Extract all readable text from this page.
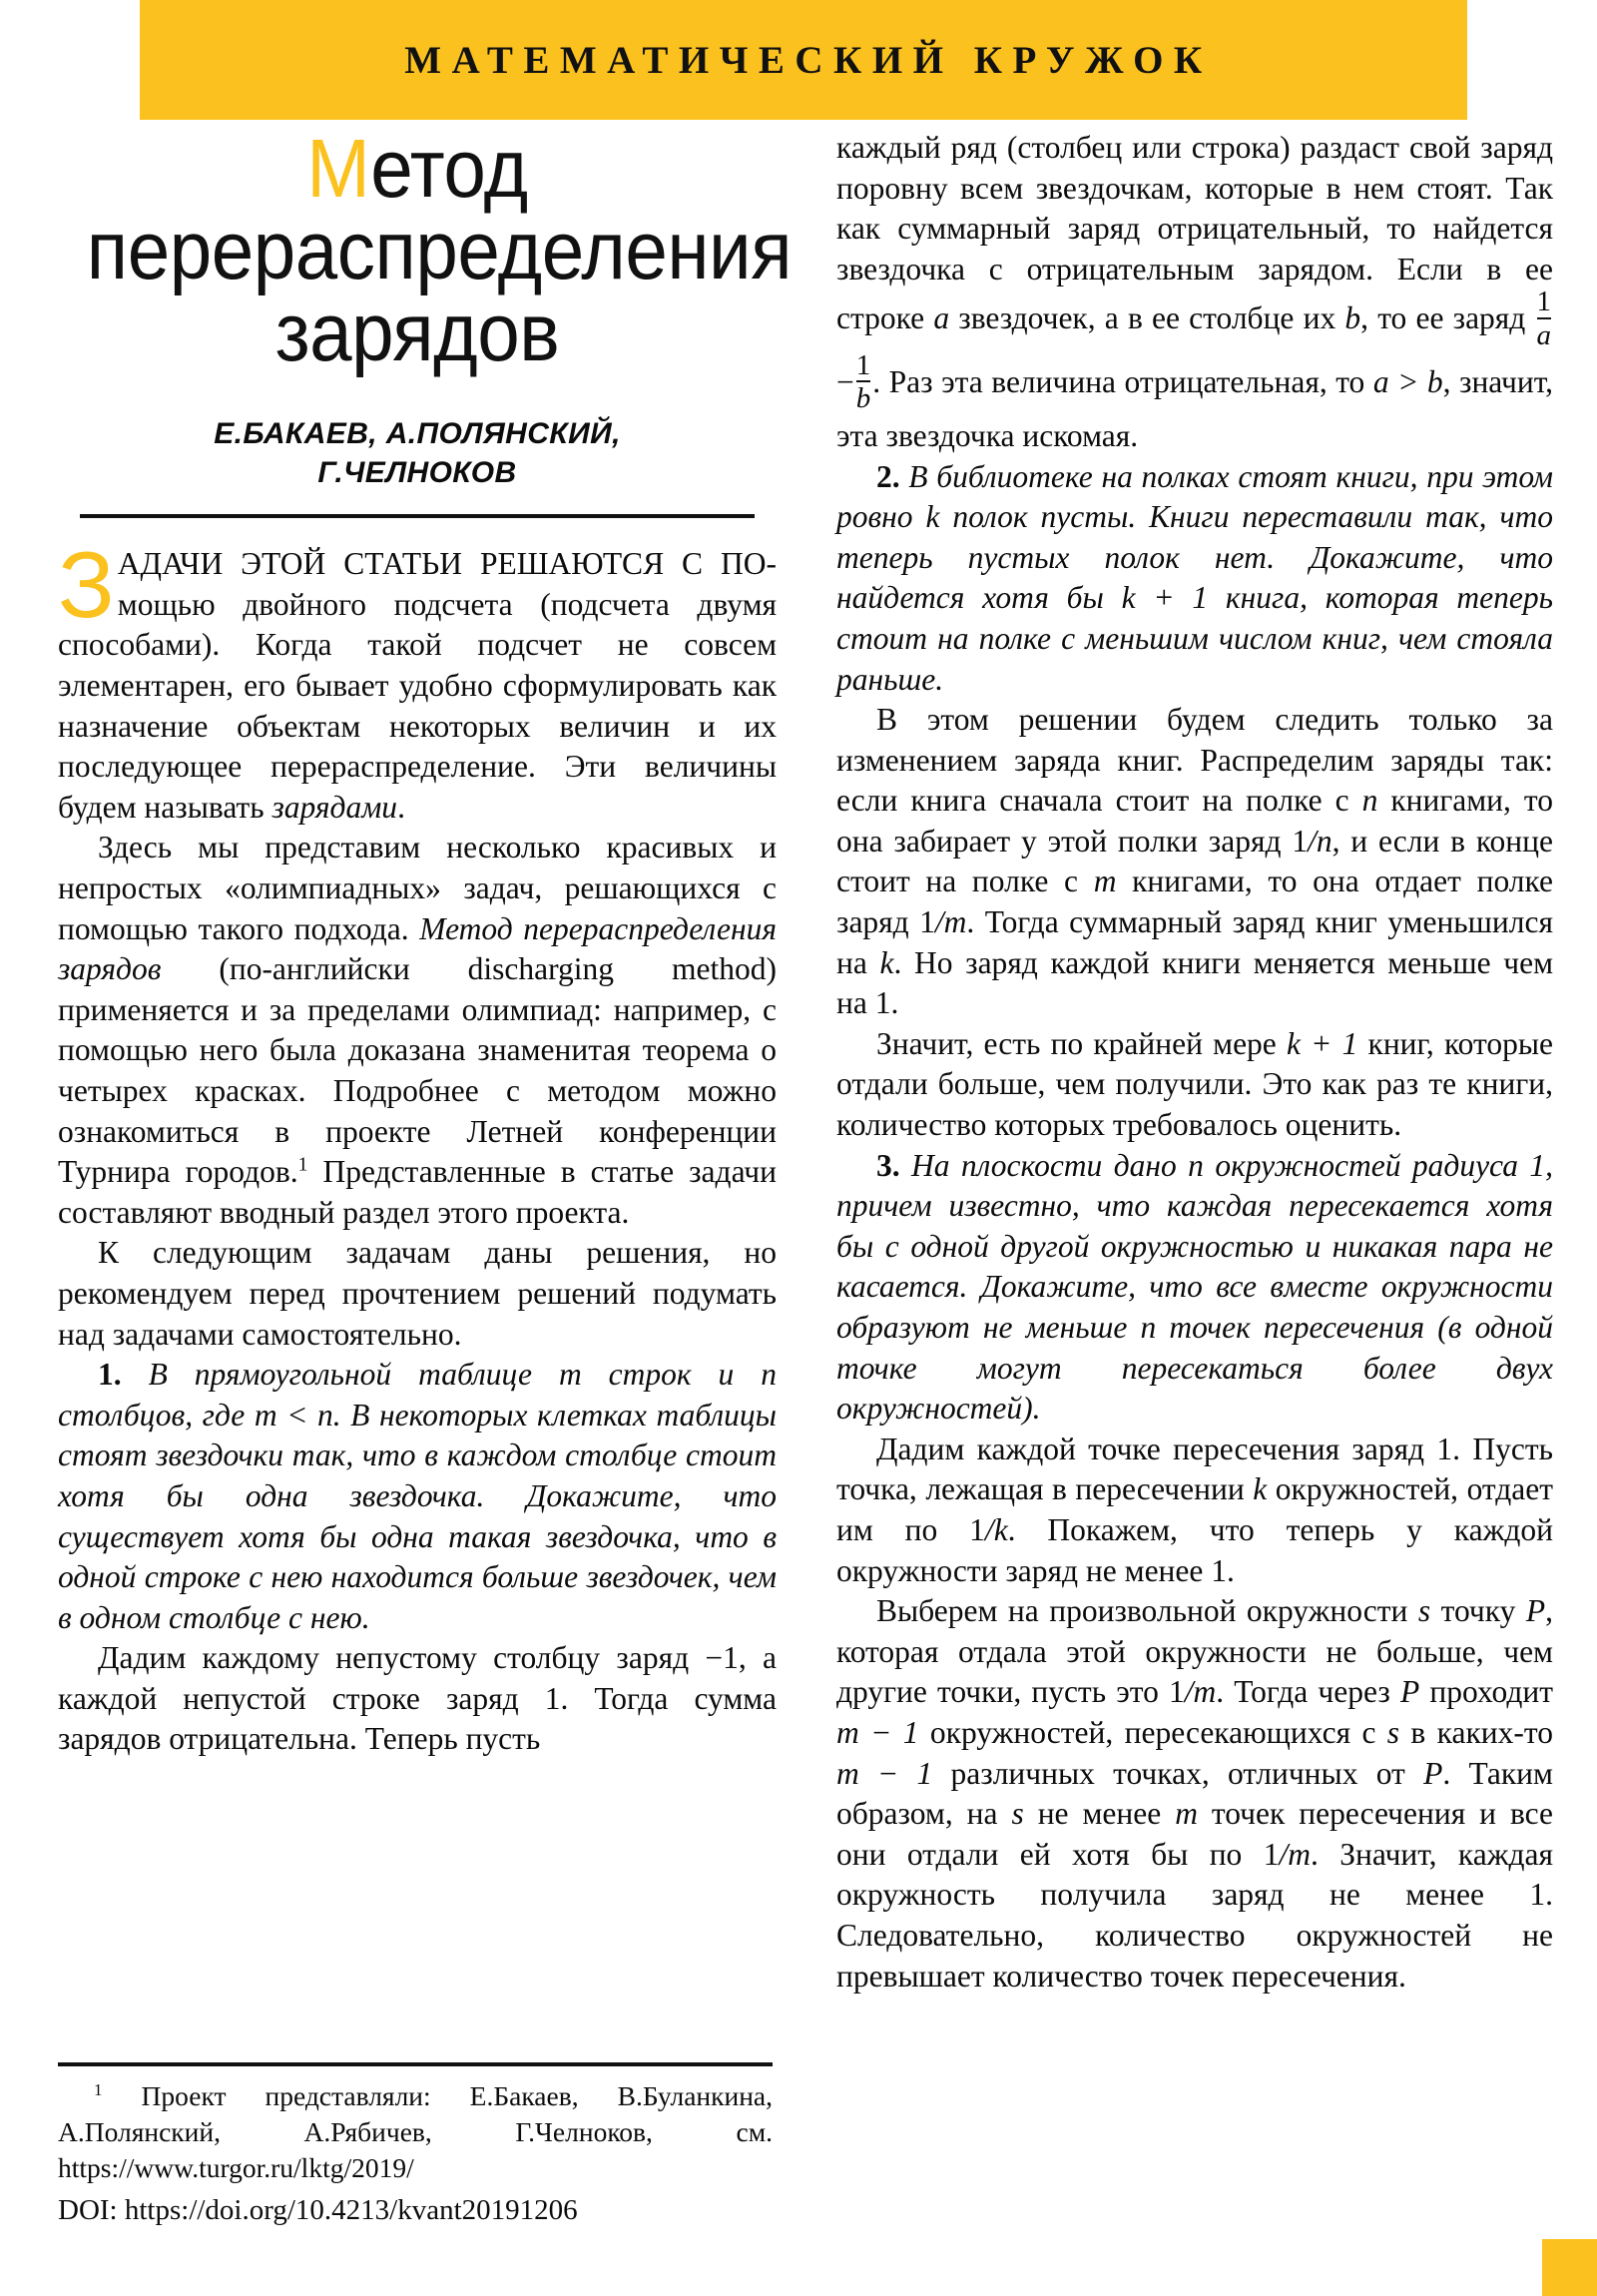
МАТЕМАТИЧЕСКИЙ КРУЖОК
Метод
перераспределения
зарядов
Е.БАКАЕВ, А.ПОЛЯНСКИЙ,
Г.ЧЕЛНОКОВ

ЗАДАЧИ ЭТОЙ СТАТЬИ РЕШАЮТСЯ С ПО-мощью двойного подсчета (подсчета двумя способами). Когда такой подсчет не совсем элементарен, его бывает удобно сформулировать как назначение объектам некоторых величин и их последующее перераспределение. Эти величины будем называть зарядами.

Здесь мы представим несколько красивых и непростых «олимпиадных» задач, решающихся с помощью такого подхода. Метод перераспределения зарядов (по-английски discharging method) применяется и за пределами олимпиад: например, с помощью него была доказана знаменитая теорема о четырех красках. Подробнее с методом можно ознакомиться в проекте Летней конференции Турнира городов.$^1$ Представленные в статье задачи составляют вводный раздел этого проекта.

К следующим задачам даны решения, но рекомендуем перед прочтением решений подумать над задачами самостоятельно.

1. В прямоугольной таблице m строк и n столбцов, где m < n. В некоторых клетках таблицы стоят звездочки так, что в каждом столбце стоит хотя бы одна звездочка. Докажите, что существует хотя бы одна такая звездочка, что в одной строке с нею находится больше звездочек, чем в одном столбце с нею.

Дадим каждому непустому столбцу заряд −1, а каждой непустой строке заряд 1. Тогда сумма зарядов отрицательна. Теперь пусть

каждый ряд (столбец или строка) раздаст свой заряд поровну всем звездочкам, которые в нем стоят. Так как суммарный заряд отрицательный, то найдется звездочка с отрицательным зарядом. Если в ее строке a звездочек, а в ее столбце их b, то ее заряд $\frac{1}{a}$
− $\frac{1}{b}$ . Раз эта величина отрицательная, то a > b, значит, эта звездочка искомая.

2. В библиотеке на полках стоят книги, при этом ровно k полок пусты. Книги переставили так, что теперь пустых полок нет. Докажите, что найдется хотя бы k + 1 книга, которая теперь стоит на полке с меньшим числом книг, чем стояла раньше.

В этом решении будем следить только за изменением заряда книг. Распределим заряды так: если книга сначала стоит на полке с n книгами, то она забирает у этой полки заряд 1/n, и если в конце стоит на полке с m книгами, то она отдает полке заряд 1/m. Тогда суммарный заряд книг уменьшился на k. Но заряд каждой книги меняется меньше чем на 1.

Значит, есть по крайней мере k + 1 книг, которые отдали больше, чем получили. Это как раз те книги, количество которых требовалось оценить.

3. На плоскости дано n окружностей радиуса 1, причем известно, что каждая пересекается хотя бы с одной другой окружностью и никакая пара не касается. Докажите, что все вместе окружности образуют не меньше n точек пересечения (в одной точке могут пересекаться более двух окружностей).

Дадим каждой точке пересечения заряд 1. Пусть точка, лежащая в пересечении k окружностей, отдает им по 1/k. Покажем, что теперь у каждой окружности заряд не менее 1.

Выберем на произвольной окружности s точку P, которая отдала этой окружности не больше, чем другие точки, пусть это 1/m. Тогда через P проходит m − 1 окружностей, пересекающихся с s в каких-то m − 1 различных точках, отличных от P. Таким образом, на s не менее m точек пересечения и все они отдали ей хотя бы по 1/m. Значит, каждая окружность получила заряд не менее 1. Следовательно, количество окружностей не превышает количество точек пересечения.

$^1$ Проект представляли: Е.Бакаев, В.Буланкина, А.Полянский, А.Рябичев, Г.Челноков, см. https://www.turgor.ru/lktg/2019/
DOI: https://doi.org/10.4213/kvant20191206
